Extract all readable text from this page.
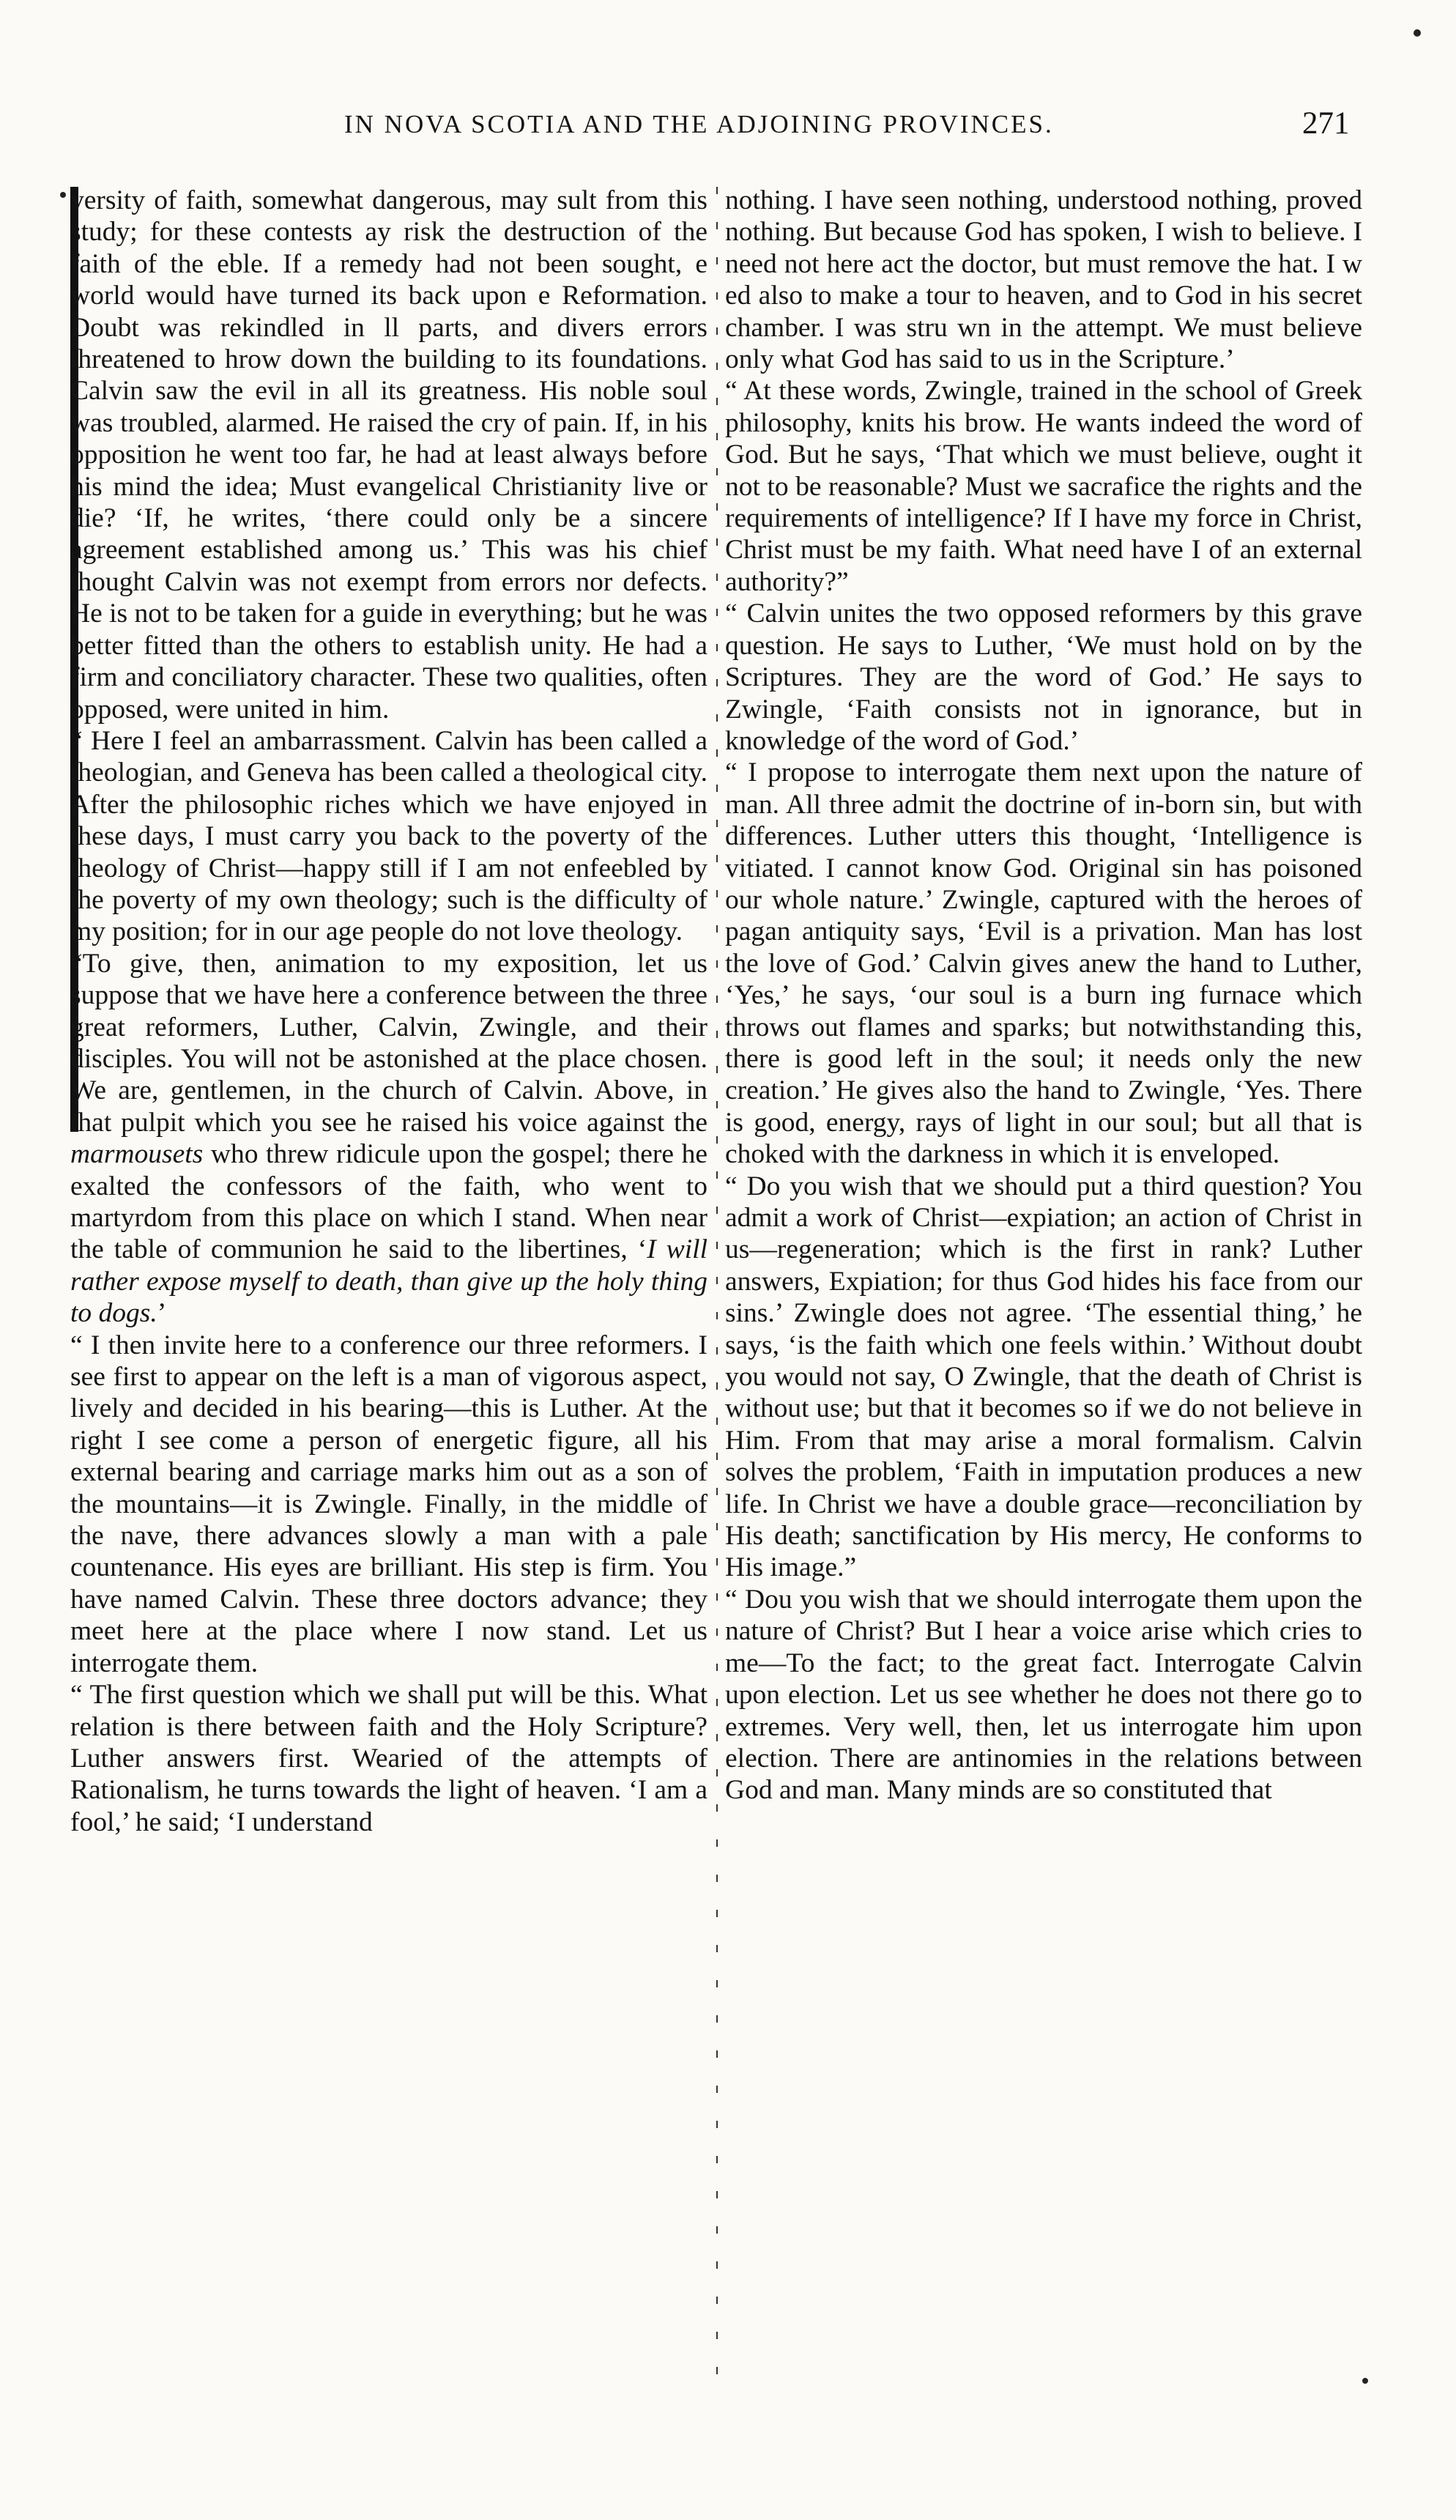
IN NOVA SCOTIA AND THE ADJOINING PROVINCES.	271

versity of faith, somewhat dangerous, may sult from this study; for these contests ay risk the destruction of the faith of the eble. If a remedy had not been sought, e world would have turned its back upon e Reformation. Doubt was rekindled in ll parts, and divers errors threatened to hrow down the building to its foundations. Calvin saw the evil in all its greatness. His noble soul was troubled, alarmed. He raised the cry of pain. If, in his opposition he went too far, he had at least always before his mind the idea; Must evangelical Christianity live or die? ‘If, he writes, ‘there could only be a sincere agreement established among us.’ This was his chief thought Calvin was not exempt from errors nor defects. He is not to be taken for a guide in everything; but he was better fitted than the others to establish unity. He had a firm and conciliatory character. These two qualities, often opposed, were united in him.

“ Here I feel an ambarrassment. Calvin has been called a theologian, and Geneva has been called a theological city. After the philosophic riches which we have enjoyed in these days, I must carry you back to the poverty of the theology of Christ—happy still if I am not enfeebled by the poverty of my own theology; such is the difficulty of my position; for in our age people do not love theology.

“To give, then, animation to my exposition, let us suppose that we have here a conference between the three great reformers, Luther, Calvin, Zwingle, and their disciples. You will not be astonished at the place chosen. We are, gentlemen, in the church of Calvin. Above, in that pulpit which you see he raised his voice against the marmousets who threw ridicule upon the gospel; there he exalted the confessors of the faith, who went to martyrdom from this place on which I stand. When near the table of communion he said to the libertines, ‘I will rather expose myself to death, than give up the holy thing to dogs.’

“ I then invite here to a conference our three reformers. I see first to appear on the left is a man of vigorous aspect, lively and decided in his bearing—this is Luther. At the right I see come a person of energetic figure, all his external bearing and carriage marks him out as a son of the mountains—it is Zwingle. Finally, in the middle of the nave, there advances slowly a man with a pale countenance. His eyes are brilliant. His step is firm. You have named Calvin. These three doctors advance; they meet here at the place where I now stand. Let us interrogate them.

“ The first question which we shall put will be this. What relation is there between faith and the Holy Scripture? Luther answers first. Wearied of the attempts of Rationalism, he turns towards the light of heaven. ‘I am a fool,’ he said; ‘I understand

nothing. I have seen nothing, understood nothing, proved nothing. But because God has spoken, I wish to believe. I need not here act the doctor, but must remove the hat. I w ed also to make a tour to heaven, and to God in his secret chamber. I was stru wn in the attempt. We must believe only what God has said to us in the Scripture.’

“ At these words, Zwingle, trained in the school of Greek philosophy, knits his brow. He wants indeed the word of God. But he says, ‘That which we must believe, ought it not to be reasonable? Must we sacrafice the rights and the requirements of intelligence? If I have my force in Christ, Christ must be my faith. What need have I of an external authority?”

“ Calvin unites the two opposed reformers by this grave question. He says to Luther, ‘We must hold on by the Scriptures. They are the word of God.’ He says to Zwingle, ‘Faith consists not in ignorance, but in knowledge of the word of God.’

“ I propose to interrogate them next upon the nature of man. All three admit the doctrine of in-born sin, but with differences. Luther utters this thought, ‘Intelligence is vitiated. I cannot know God. Original sin has poisoned our whole nature.’ Zwingle, captured with the heroes of pagan antiquity says, ‘Evil is a privation. Man has lost the love of God.’ Calvin gives anew the hand to Luther, ‘Yes,’ he says, ‘our soul is a burn ing furnace which throws out flames and sparks; but notwithstanding this, there is good left in the soul; it needs only the new creation.’ He gives also the hand to Zwingle, ‘Yes. There is good, energy, rays of light in our soul; but all that is choked with the darkness in which it is enveloped.

“ Do you wish that we should put a third question? You admit a work of Christ—expiation; an action of Christ in us—regeneration; which is the first in rank? Luther answers, Expiation; for thus God hides his face from our sins.’ Zwingle does not agree. ‘The essential thing,’ he says, ‘is the faith which one feels within.’ Without doubt you would not say, O Zwingle, that the death of Christ is without use; but that it becomes so if we do not believe in Him. From that may arise a moral formalism. Calvin solves the problem, ‘Faith in imputation produces a new life. In Christ we have a double grace—reconciliation by His death; sanctification by His mercy, He conforms to His image.”

“ Dou you wish that we should interrogate them upon the nature of Christ? But I hear a voice arise which cries to me—To the fact; to the great fact. Interrogate Calvin upon election. Let us see whether he does not there go to extremes. Very well, then, let us interrogate him upon election. There are antinomies in the relations between God and man. Many minds are so constituted that
